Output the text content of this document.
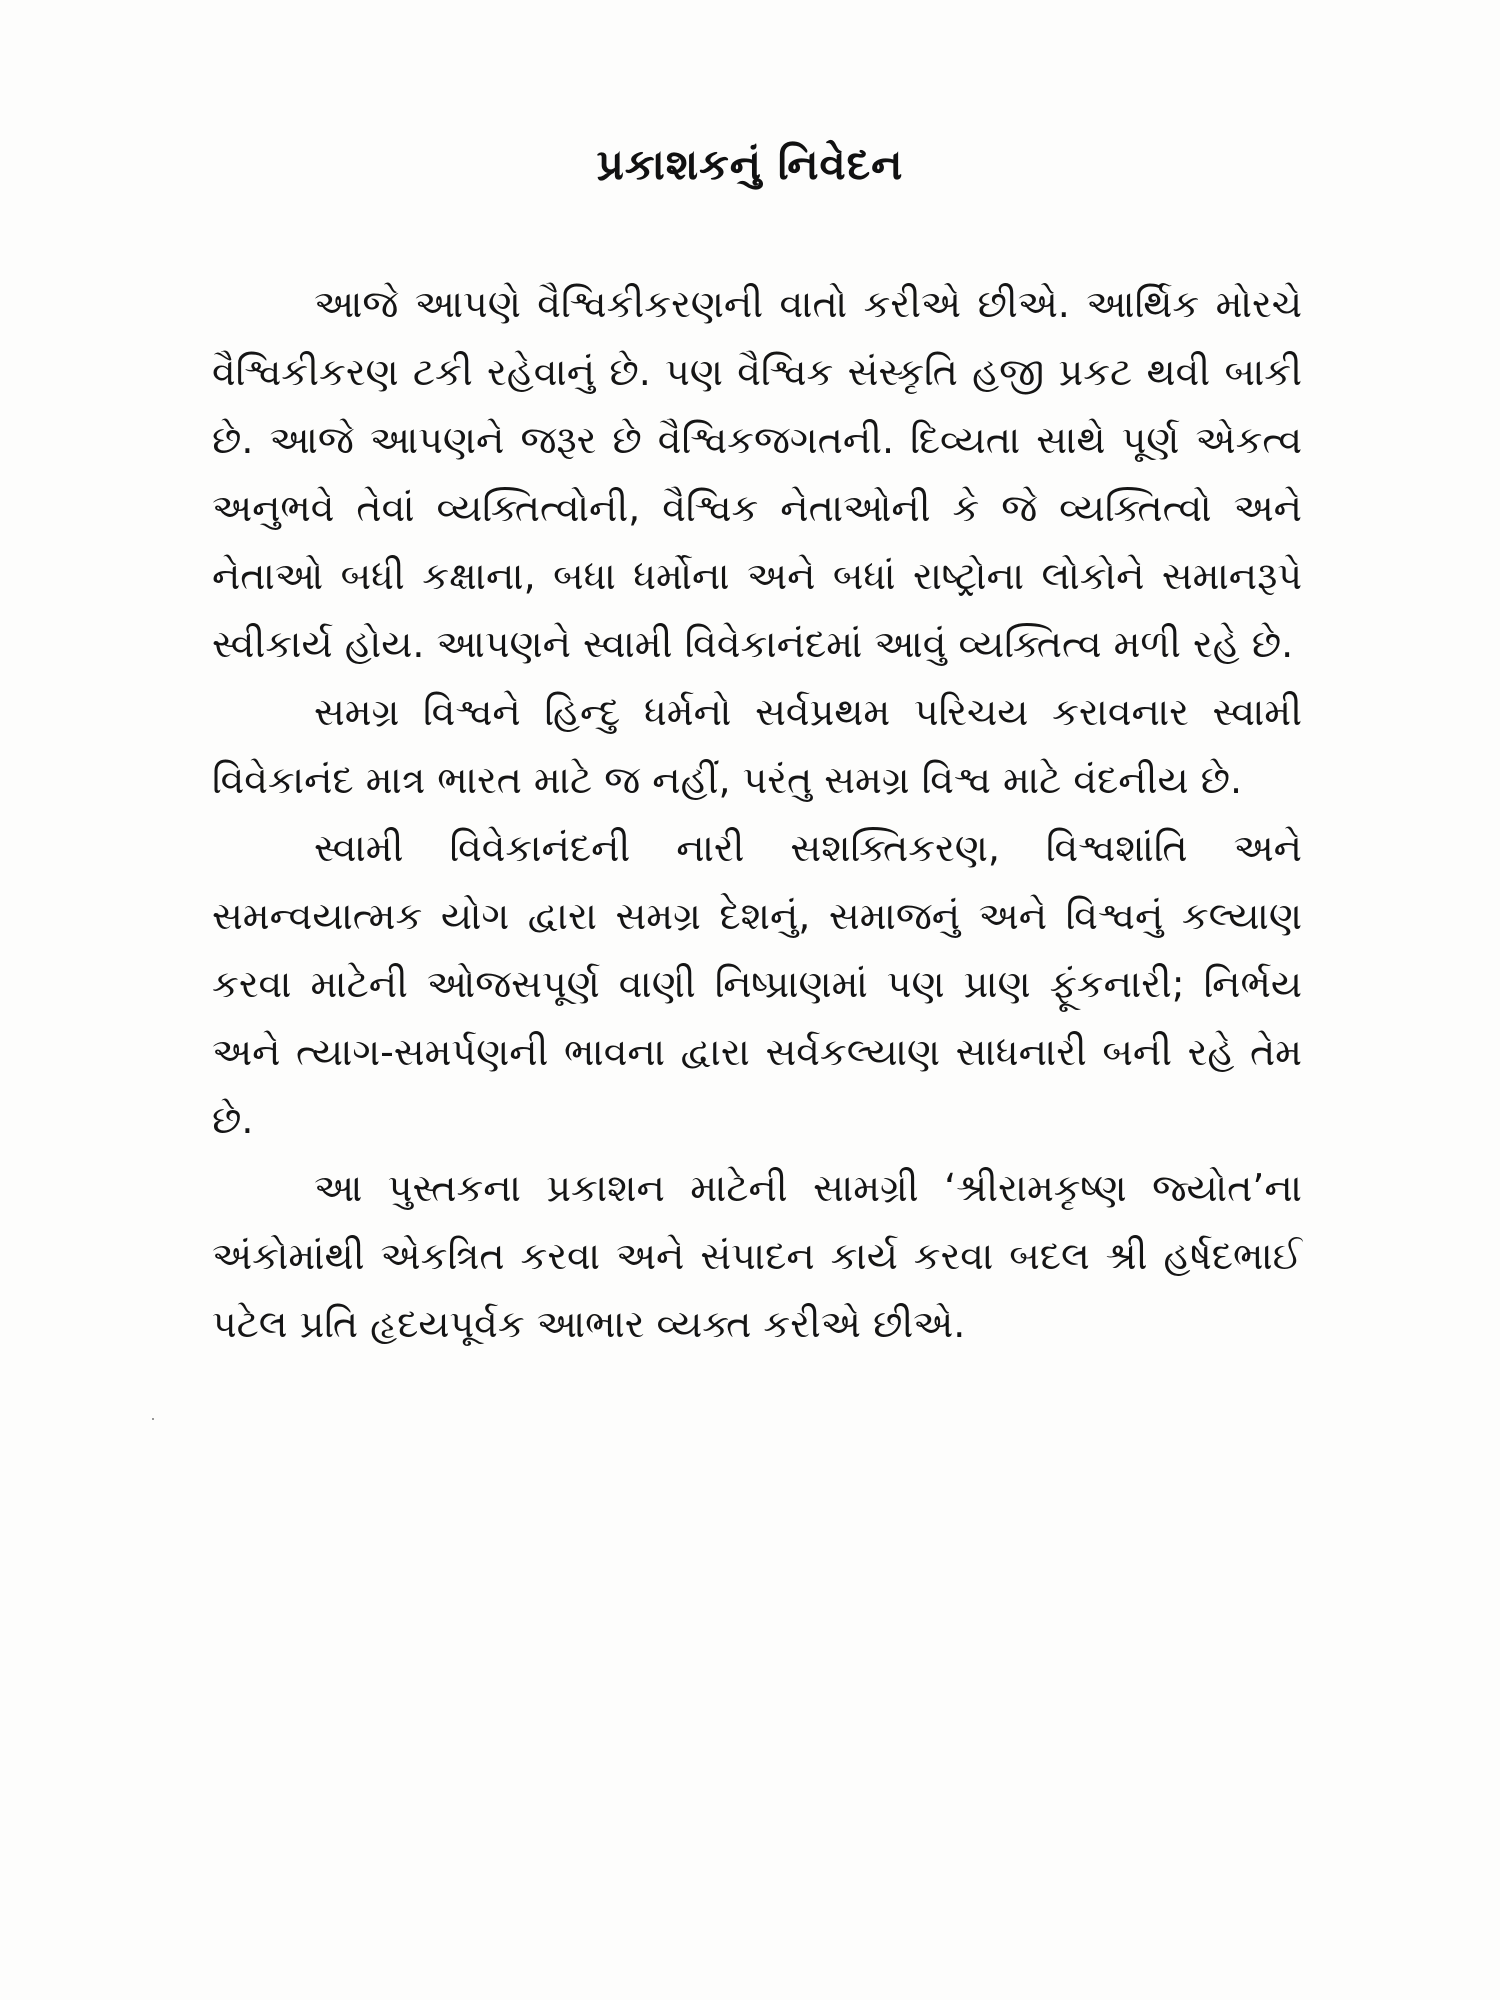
પ્રકાશકનું નિવેદન

આજે આપણે વૈશ્વિકીકરણની વાતો કરીએ છીએ. આર્થિક મોરચે વૈશ્વિકીકરણ ટકી રહેવાનું છે. પણ વૈશ્વિક સંસ્કૃતિ હજી પ્રકટ થવી બાકી છે. આજે આપણને જરૂર છે વૈશ્વિકજગતની. દિવ્યતા સાથે પૂર્ણ એકત્વ અનુભવે તેવાં વ્યક્તિત્વોની, વૈશ્વિક નેતાઓની કે જે વ્યક્તિત્વો અને નેતાઓ બધી કક્ષાના, બધા ધર્મોના અને બધાં રાષ્ટ્રોના લોકોને સમાનરૂપે સ્વીકાર્ય હોય. આપણને સ્વામી વિવેકાનંદમાં આવું વ્યક્તિત્વ મળી રહે છે.

સમગ્ર વિશ્વને હિન્દુ ધર્મનો સર્વપ્રથમ પરિચય કરાવનાર સ્વામી વિવેકાનંદ માત્ર ભારત માટે જ નહીં, પરંતુ સમગ્ર વિશ્વ માટે વંદનીય છે.

સ્વામી વિવેકાનંદની નારી સશક્તિકરણ, વિશ્વશાંતિ અને સમન્વયાત્મક યોગ દ્વારા સમગ્ર દેશનું, સમાજનું અને વિશ્વનું કલ્યાણ કરવા માટેની ઓજસપૂર્ણ વાણી નિષ્પ્રાણમાં પણ પ્રાણ ફૂંકનારી; નિર્ભય અને ત્યાગ-સમર્પણની ભાવના દ્વારા સર્વકલ્યાણ સાધનારી બની રહે તેમ છે.

આ પુસ્તકના પ્રકાશન માટેની સામગ્રી ‘શ્રીરામકૃષ્ણ જ્યોત’ના અંકોમાંથી એકત્રિત કરવા અને સંપાદન કાર્ય કરવા બદલ શ્રી હર્ષદભાઈ પટેલ પ્રતિ હૃદયપૂર્વક આભાર વ્યક્ત કરીએ છીએ.
